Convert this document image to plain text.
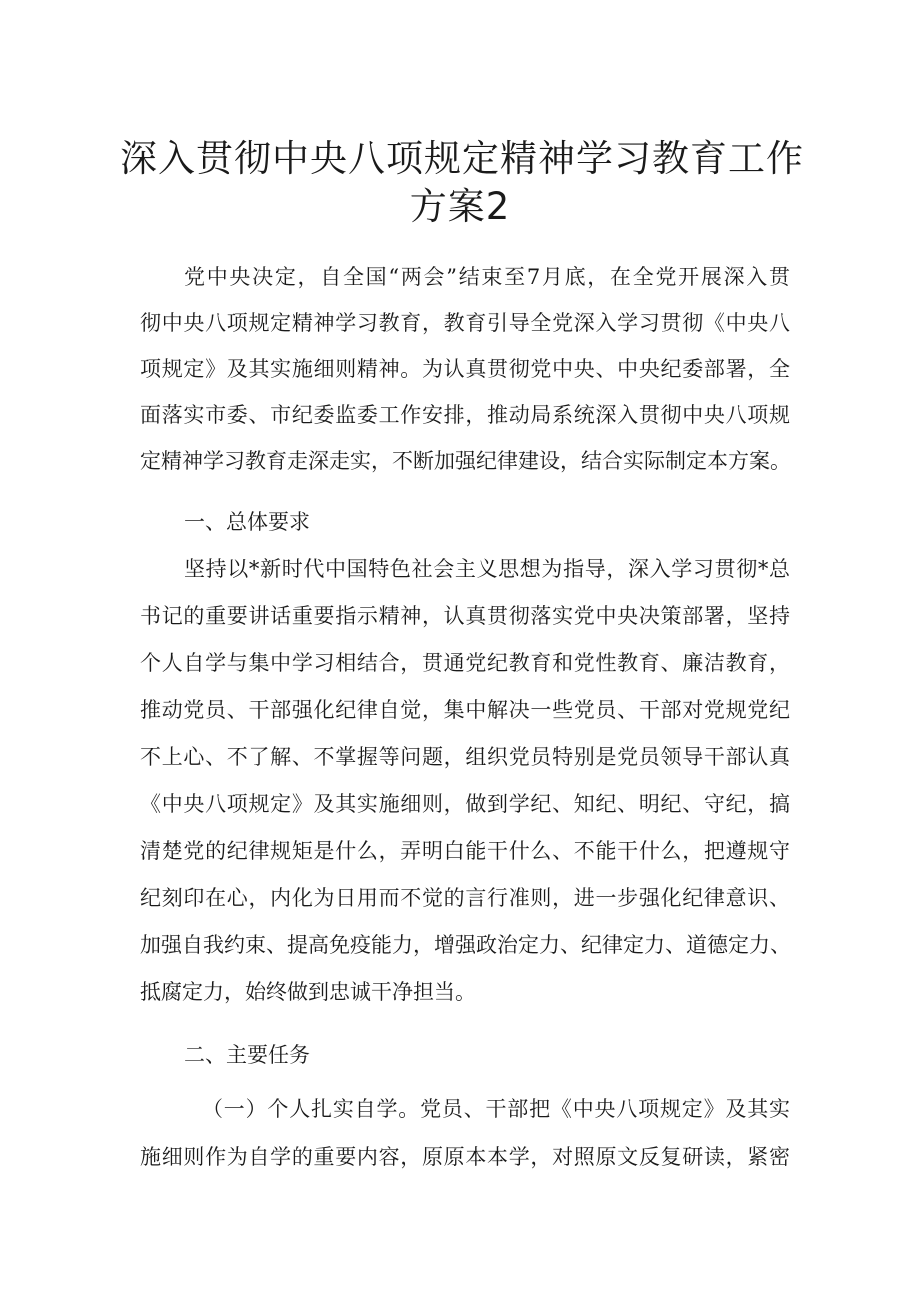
深入贯彻中央八项规定精神学习教育工作
方案2
党中央决定，自全国“两会”结束至7月底，在全党开展深入贯
彻中央八项规定精神学习教育，教育引导全党深入学习贯彻《中央八
项规定》及其实施细则精神。为认真贯彻党中央、中央纪委部署，全
面落实市委、市纪委监委工作安排，推动局系统深入贯彻中央八项规
定精神学习教育走深走实，不断加强纪律建设，结合实际制定本方案。
一、总体要求
坚持以*新时代中国特色社会主义思想为指导，深入学习贯彻*总
书记的重要讲话重要指示精神，认真贯彻落实党中央决策部署，坚持
个人自学与集中学习相结合，贯通党纪教育和党性教育、廉洁教育，
推动党员、干部强化纪律自觉，集中解决一些党员、干部对党规党纪
不上心、不了解、不掌握等问题，组织党员特别是党员领导干部认真
《中央八项规定》及其实施细则，做到学纪、知纪、明纪、守纪，搞
清楚党的纪律规矩是什么，弄明白能干什么、不能干什么，把遵规守
纪刻印在心，内化为日用而不觉的言行准则，进一步强化纪律意识、
加强自我约束、提高免疫能力，增强政治定力、纪律定力、道德定力、
抵腐定力，始终做到忠诚干净担当。
二、主要任务
（一）个人扎实自学。党员、干部把《中央八项规定》及其实
施细则作为自学的重要内容，原原本本学，对照原文反复研读，紧密
